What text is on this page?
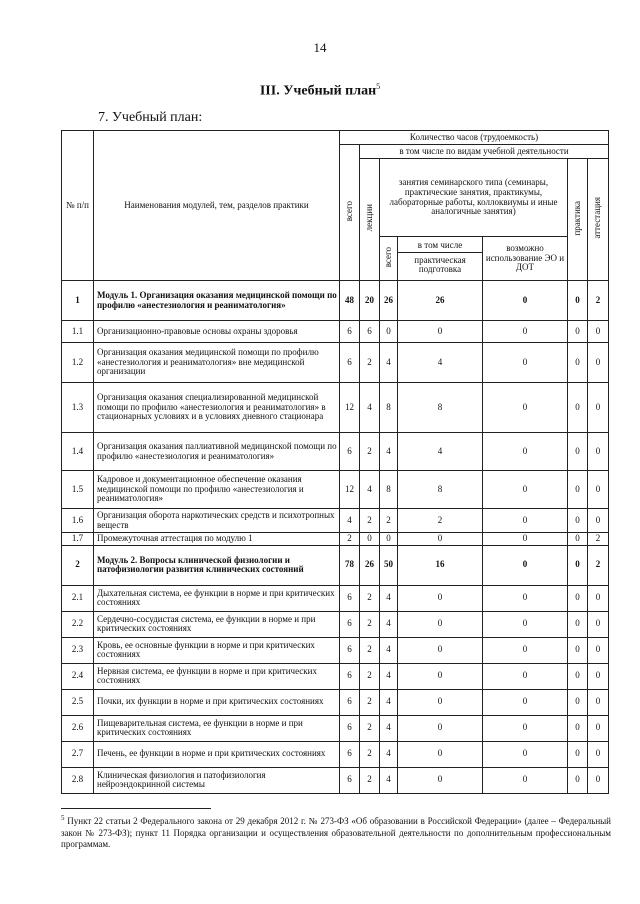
14
III. Учебный план$^5$
7. Учебный план:
№ п/п	Наименования модулей, тем, разделов практики	Количество часов (трудоемкость)						
		всего	в том числе по видам учебной деятельности					
			лекции	занятия семинарского типа (семинары, практические занятия, практикумы, лабораторные работы, коллоквиумы и иные аналогичные занятия)			практика	аттестация
				всего	в том числе
практическая подготовка	возможно использование ЭО и ДОТ		
1	Модуль 1. Организация оказания медицинской помощи по профилю «анестезиология и реаниматология»	48	20	26	26	0	0	2
1.1	Организационно-правовые основы охраны здоровья	6	6	0	0	0	0	0
1.2	Организация оказания медицинской помощи по профилю «анестезиология и реаниматология» вне медицинской организации	6	2	4	4	0	0	0
1.3	Организация оказания специализированной медицинской помощи по профилю «анестезиология и реаниматология» в стационарных условиях и в условиях дневного стационара	12	4	8	8	0	0	0
1.4	Организация оказания паллиативной медицинской помощи по профилю «анестезиология и реаниматология»	6	2	4	4	0	0	0
1.5	Кадровое и документационное обеспечение оказания медицинской помощи по профилю «анестезиология и реаниматология»	12	4	8	8	0	0	0
1.6	Организация оборота наркотических средств и психотропных веществ	4	2	2	2	0	0	0
1.7	Промежуточная аттестация по модулю 1	2	0	0	0	0	0	2
2	Модуль 2. Вопросы клинической физиологии и патофизиологии развития клинических состояний	78	26	50	16	0	0	2
2.1	Дыхательная система, ее функции в норме и при критических состояниях	6	2	4	0	0	0	0
2.2	Сердечно-сосудистая система, ее функции в норме и при критических состояниях	6	2	4	0	0	0	0
2.3	Кровь, ее основные функции в норме и при критических состояниях	6	2	4	0	0	0	0
2.4	Нервная система, ее функции в норме и при критических состояниях	6	2	4	0	0	0	0
2.5	Почки, их функции в норме и при критических состояниях	6	2	4	0	0	0	0
2.6	Пищеварительная система, ее функции в норме и при критических состояниях	6	2	4	0	0	0	0
2.7	Печень, ее функции в норме и при критических состояниях	6	2	4	0	0	0	0
2.8	Клиническая физиология и патофизиология нейроэндокринной системы	6	2	4	0	0	0	0
$^5$ Пункт 22 статьи 2 Федерального закона от 29 декабря 2012 г. № 273-ФЗ «Об образовании в Российской Федерации» (далее – Федеральный закон № 273-ФЗ); пункт 11 Порядка организации и осуществления образовательной деятельности по дополнительным профессиональным программам.
